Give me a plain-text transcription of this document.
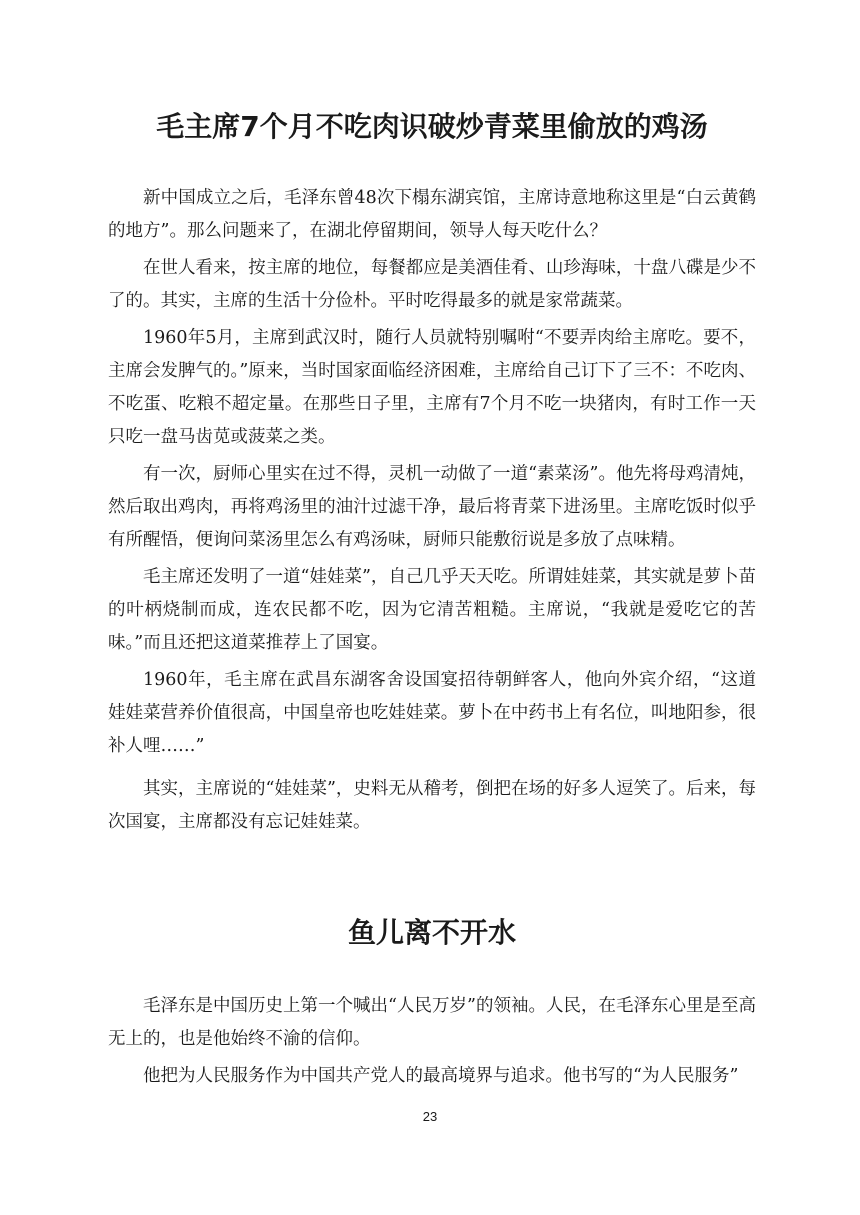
毛主席7个月不吃肉识破炒青菜里偷放的鸡汤

新中国成立之后，毛泽东曾48次下榻东湖宾馆，主席诗意地称这里是“白云黄鹤的地方”。那么问题来了，在湖北停留期间，领导人每天吃什么？

在世人看来，按主席的地位，每餐都应是美酒佳肴、山珍海味，十盘八碟是少不了的。其实，主席的生活十分俭朴。平时吃得最多的就是家常蔬菜。

1960年5月，主席到武汉时，随行人员就特别嘱咐“不要弄肉给主席吃。要不，主席会发脾气的。”原来，当时国家面临经济困难，主席给自己订下了三不：不吃肉、不吃蛋、吃粮不超定量。在那些日子里，主席有7个月不吃一块猪肉，有时工作一天只吃一盘马齿苋或菠菜之类。

有一次，厨师心里实在过不得，灵机一动做了一道“素菜汤”。他先将母鸡清炖，然后取出鸡肉，再将鸡汤里的油汁过滤干净，最后将青菜下进汤里。主席吃饭时似乎有所醒悟，便询问菜汤里怎么有鸡汤味，厨师只能敷衍说是多放了点味精。

毛主席还发明了一道“娃娃菜”，自己几乎天天吃。所谓娃娃菜，其实就是萝卜苗的叶柄烧制而成，连农民都不吃，因为它清苦粗糙。主席说，“我就是爱吃它的苦味。”而且还把这道菜推荐上了国宴。

1960年，毛主席在武昌东湖客舍设国宴招待朝鲜客人，他向外宾介绍，“这道娃娃菜营养价值很高，中国皇帝也吃娃娃菜。萝卜在中药书上有名位，叫地阳参，很补人哩……”

其实，主席说的“娃娃菜”，史料无从稽考，倒把在场的好多人逗笑了。后来，每次国宴，主席都没有忘记娃娃菜。

鱼儿离不开水

毛泽东是中国历史上第一个喊出“人民万岁”的领袖。人民，在毛泽东心里是至高无上的，也是他始终不渝的信仰。

他把为人民服务作为中国共产党人的最高境界与追求。他书写的“为人民服务”

23
